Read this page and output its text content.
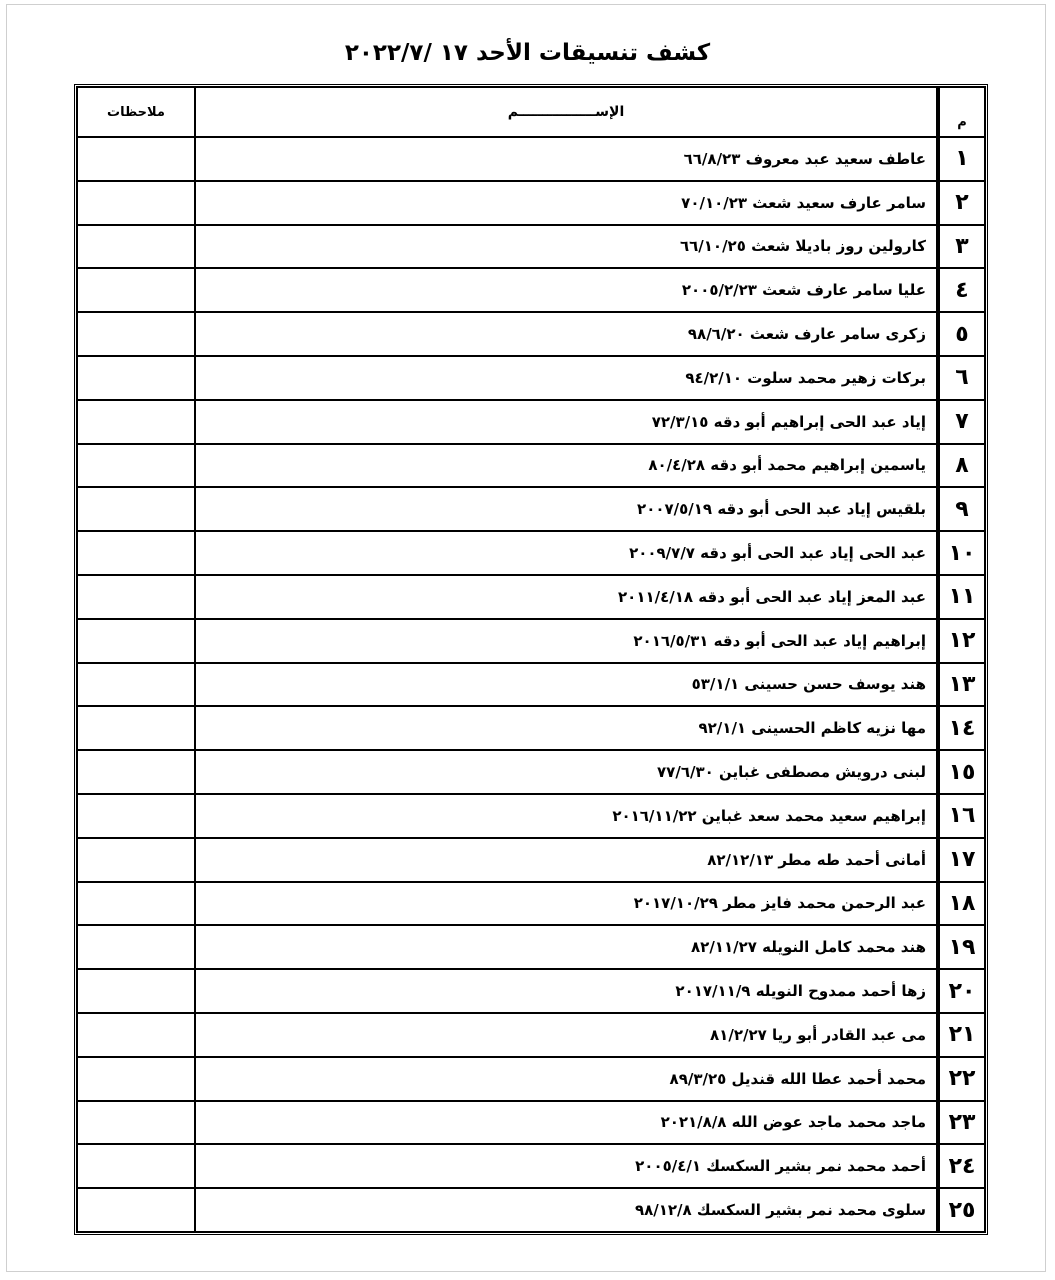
كشف تنسيقات الأحد ١٧ /٢٠٢٢/٧
م	الإســــــــــــــــم	ملاحظات
١	عاطف سعيد عبد معروف ٦٦/٨/٢٣	
٢	سامر عارف سعيد شعث ٧٠/١٠/٢٣	
٣	كارولين روز باديلا شعث ٦٦/١٠/٢٥	
٤	عليا سامر عارف شعث ٢٠٠٥/٢/٢٣	
٥	زكرى سامر عارف شعث ٩٨/٦/٢٠	
٦	بركات زهير محمد سلوت ٩٤/٢/١٠	
٧	إياد عبد الحى إبراهيم أبو دقه ٧٢/٣/١٥	
٨	ياسمين إبراهيم محمد أبو دقه ٨٠/٤/٢٨	
٩	بلقيس إياد عبد الحى أبو دقه ٢٠٠٧/٥/١٩	
١٠	عبد الحى إياد عبد الحى أبو دقه ٢٠٠٩/٧/٧	
١١	عبد المعز إياد عبد الحى أبو دقه ٢٠١١/٤/١٨	
١٢	إبراهيم إياد عبد الحى أبو دقه ٢٠١٦/٥/٣١	
١٣	هند يوسف حسن حسينى ٥٣/١/١	
١٤	مها نزيه كاظم الحسينى ٩٢/١/١	
١٥	لبنى درويش مصطفى غباين ٧٧/٦/٣٠	
١٦	إبراهيم سعيد محمد سعد غباين ٢٠١٦/١١/٢٢	
١٧	أمانى أحمد طه مطر ٨٢/١٢/١٣	
١٨	عبد الرحمن محمد فايز مطر ٢٠١٧/١٠/٢٩	
١٩	هند محمد كامل النويله ٨٢/١١/٢٧	
٢٠	زها أحمد ممدوح النويله ٢٠١٧/١١/٩	
٢١	مى عبد القادر أبو ريا ٨١/٢/٢٧	
٢٢	محمد أحمد عطا الله قنديل ٨٩/٣/٢٥	
٢٣	ماجد محمد ماجد عوض الله ٢٠٢١/٨/٨	
٢٤	أحمد محمد نمر بشير السكسك ٢٠٠٥/٤/١	
٢٥	سلوى محمد نمر بشير السكسك ٩٨/١٢/٨	
